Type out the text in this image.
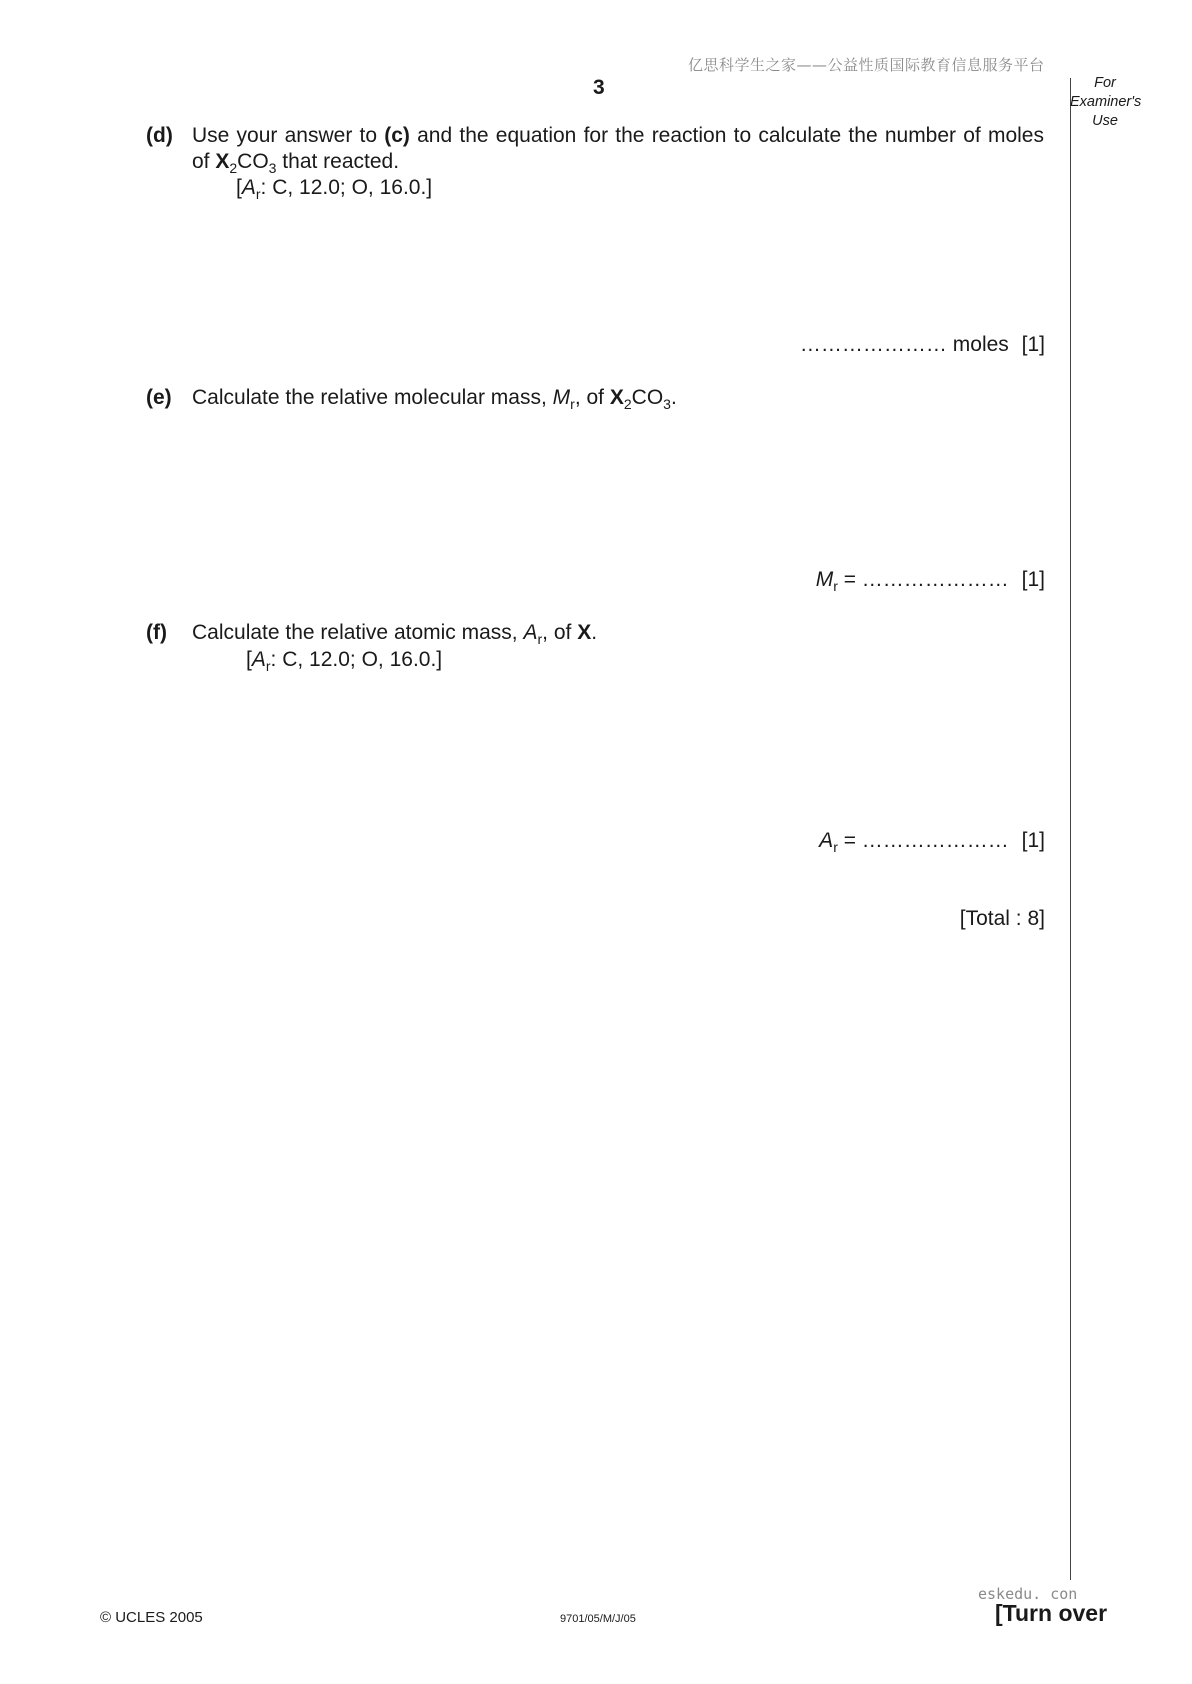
亿思科学生之家——公益性质国际教育信息服务平台
3	For
Examiner's
Use
(d) Use your answer to (c) and the equation for the reaction to calculate the number of moles of $X_2CO_3$ that reacted.
[$A_r$: C, 12.0; O, 16.0.]
………………… moles [1]
(e) Calculate the relative molecular mass, $M_r$, of $X_2CO_3$.
$M_r$ = ………………… [1]
(f) Calculate the relative atomic mass, $A_r$, of X.
[$A_r$: C, 12.0; O, 16.0.]
$A_r$ = ………………… [1]
[Total : 8]
© UCLES 2005	9701/05/M/J/05
eskedu. con
[Turn over
